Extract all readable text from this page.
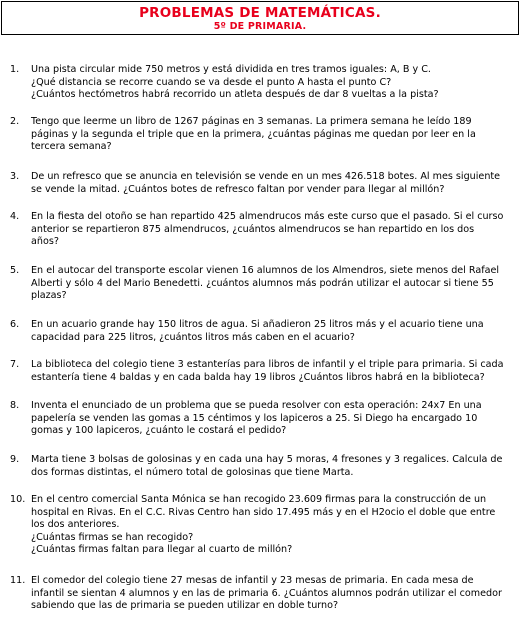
PROBLEMAS DE MATEMÁTICAS.
5º DE PRIMARIA.
1.	Una pista circular mide 750 metros y está dividida en tres tramos iguales: A, B y C.
¿Qué distancia se recorre cuando se va desde el punto A hasta el punto C?
¿Cuántos hectómetros habrá recorrido un atleta después de dar 8 vueltas a la pista?
2.	Tengo que leerme un libro de 1267 páginas en 3 semanas. La primera semana he leído 189
páginas y la segunda el triple que en la primera, ¿cuántas páginas me quedan por leer en la
tercera semana?
3.	De un refresco que se anuncia en televisión se vende en un mes 426.518 botes. Al mes siguiente
se vende la mitad. ¿Cuántos botes de refresco faltan por vender para llegar al millón?
4.	En la fiesta del otoño se han repartido 425 almendrucos más este curso que el pasado. Si el curso
anterior se repartieron 875 almendrucos, ¿cuántos almendrucos se han repartido en los dos
años?
5.	En el autocar del transporte escolar vienen 16 alumnos de los Almendros, siete menos del Rafael
Alberti y sólo 4 del Mario Benedetti. ¿cuántos alumnos más podrán utilizar el autocar si tiene 55
plazas?
6.	En un acuario grande hay 150 litros de agua. Si añadieron 25 litros más y el acuario tiene una
capacidad para 225 litros, ¿cuántos litros más caben en el acuario?
7.	La biblioteca del colegio tiene 3 estanterías para libros de infantil y el triple para primaria. Si cada
estantería tiene 4 baldas y en cada balda hay 19 libros ¿Cuántos libros habrá en la biblioteca?
8.	Inventa el enunciado de un problema que se pueda resolver con esta operación: 24x7 En una
papelería se venden las gomas a 15 céntimos y los lapiceros a 25. Si Diego ha encargado 10
gomas y 100 lapiceros, ¿cuánto le costará el pedido?
9.	Marta tiene 3 bolsas de golosinas y en cada una hay 5 moras, 4 fresones y 3 regalices. Calcula de
dos formas distintas, el número total de golosinas que tiene Marta.
10. En el centro comercial Santa Mónica se han recogido 23.609 firmas para la construcción de un
hospital en Rivas. En el C.C. Rivas Centro han sido 17.495 más y en el H2ocio el doble que entre
los dos anteriores.
¿Cuántas firmas se han recogido?
¿Cuántas firmas faltan para llegar al cuarto de millón?
11. El comedor del colegio tiene 27 mesas de infantil y 23 mesas de primaria. En cada mesa de
infantil se sientan 4 alumnos y en las de primaria 6. ¿Cuántos alumnos podrán utilizar el comedor
sabiendo que las de primaria se pueden utilizar en doble turno?
